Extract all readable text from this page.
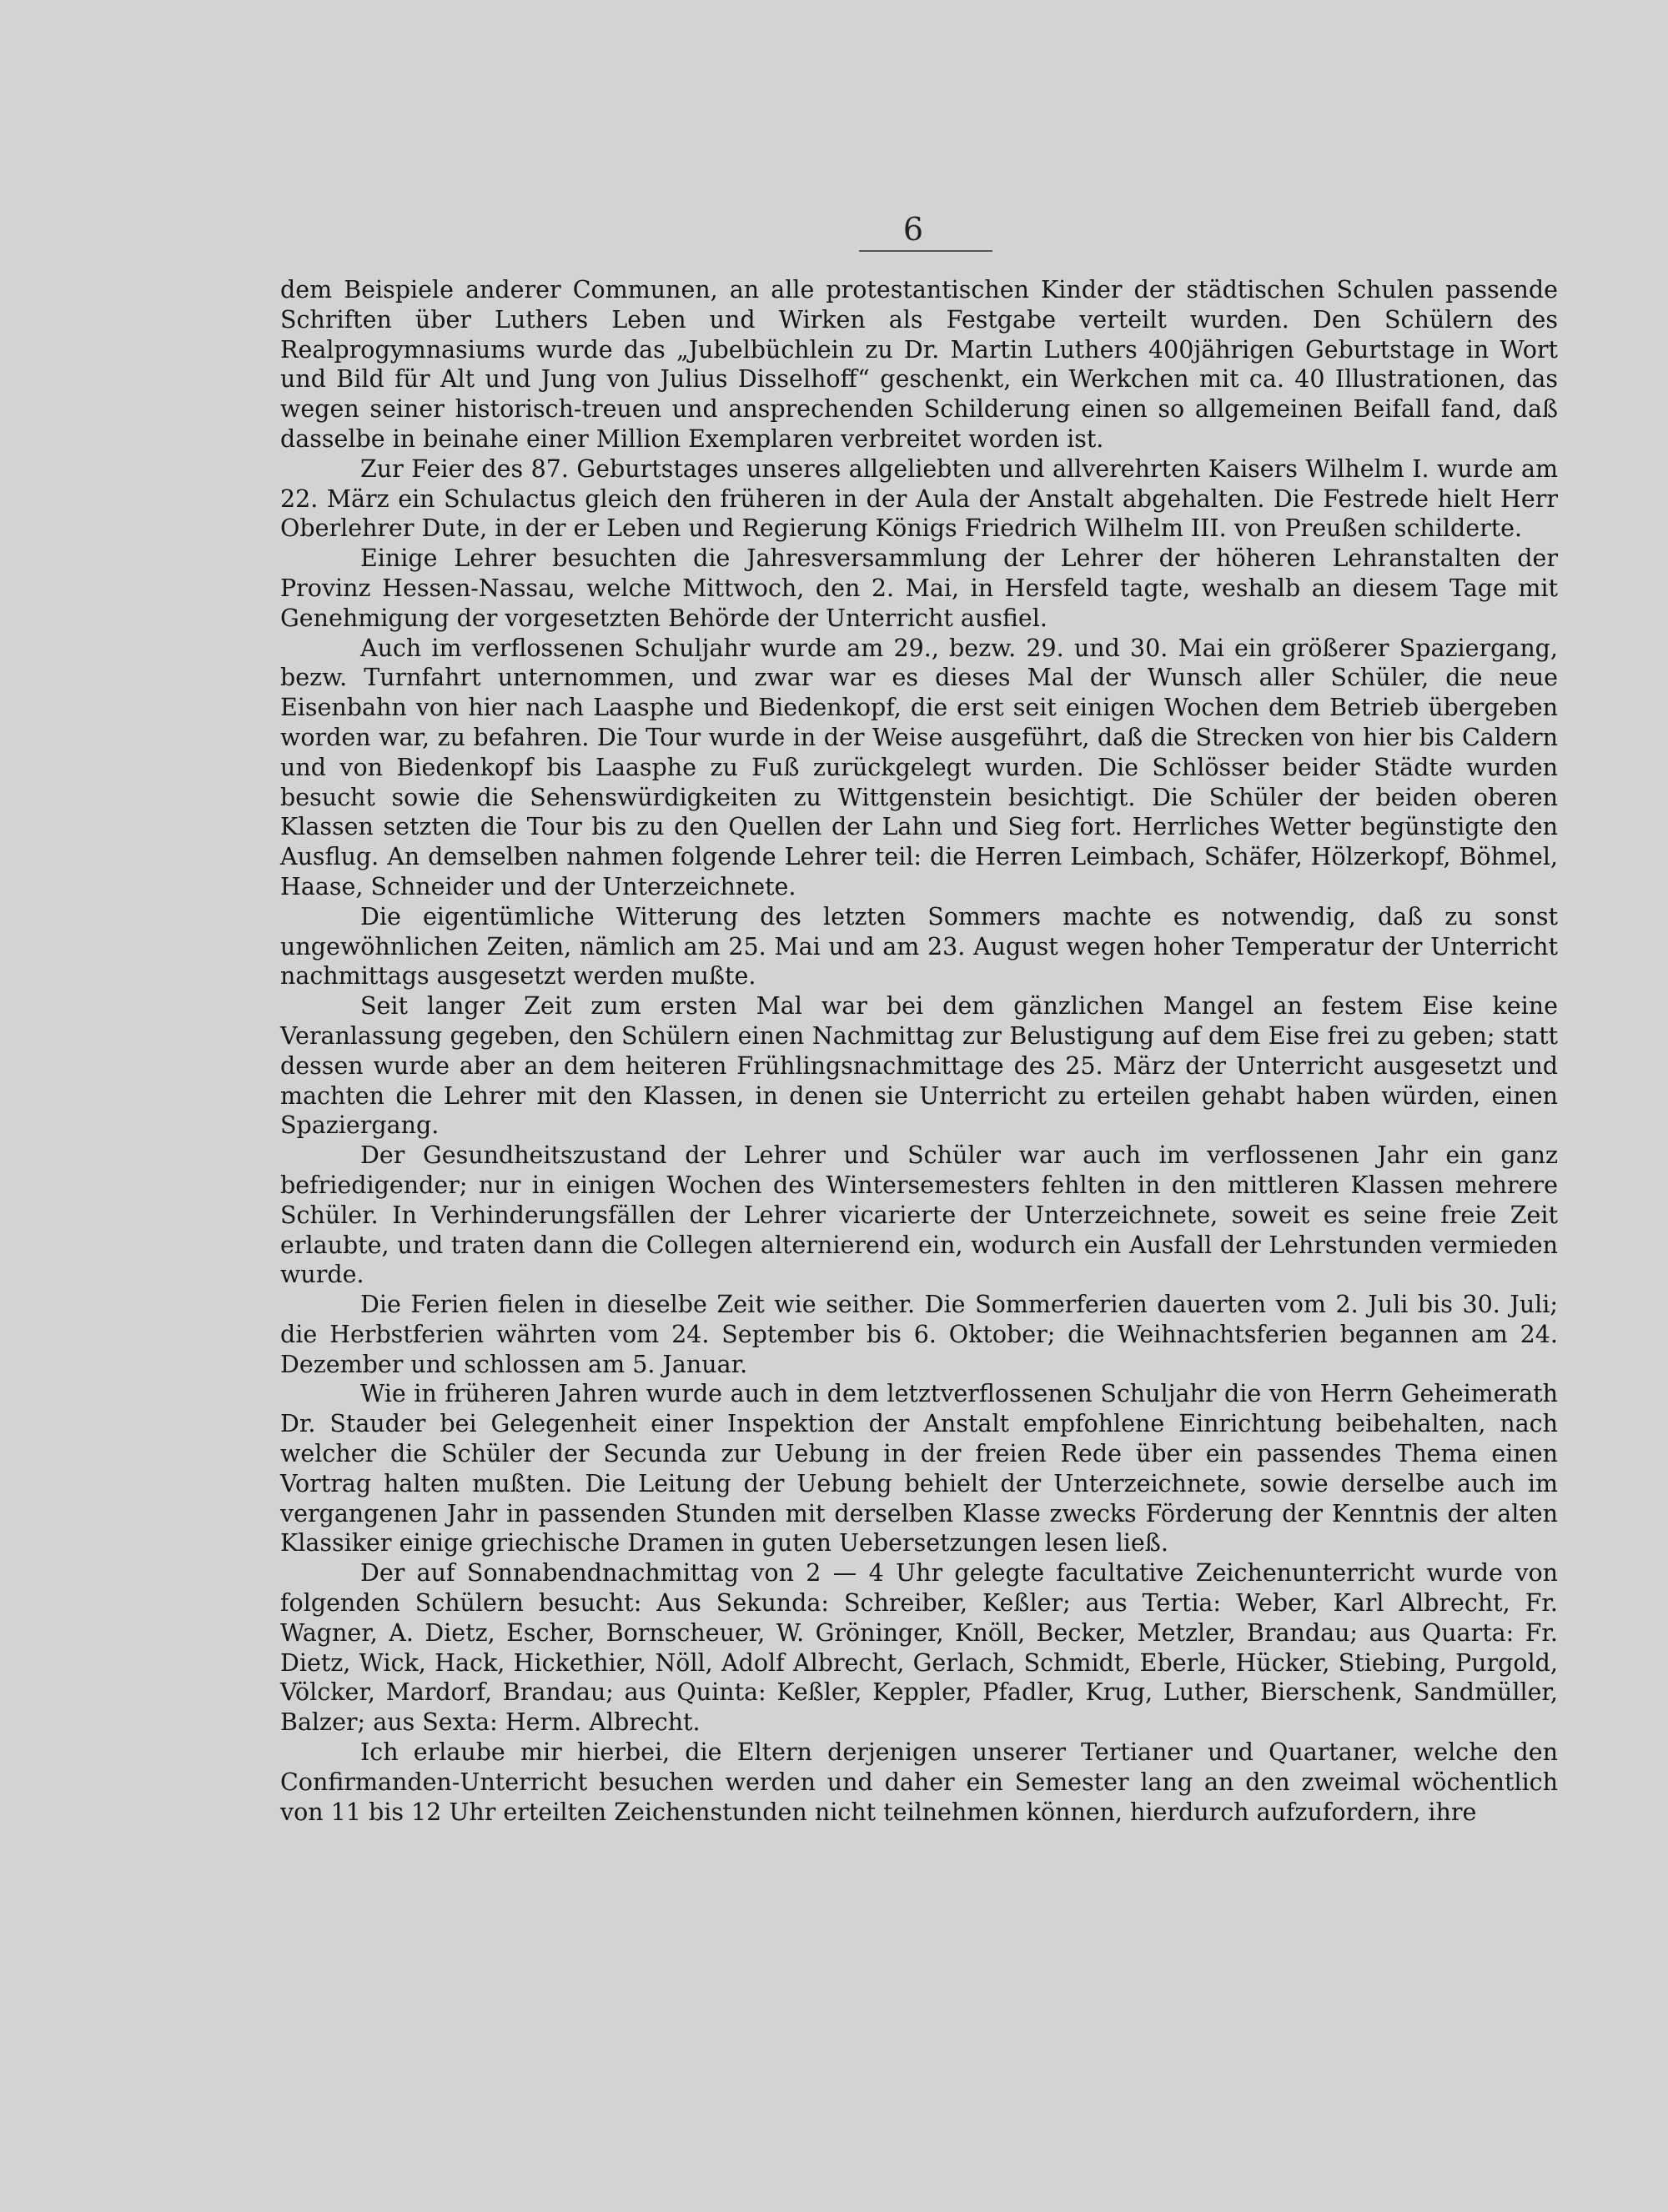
6

dem Beispiele anderer Communen, an alle protestantischen Kinder der städtischen Schulen passende Schriften über Luthers Leben und Wirken als Festgabe verteilt wurden. Den Schülern des Realprogymnasiums wurde das „Jubelbüchlein zu Dr. Martin Luthers 400jährigen Geburtstage in Wort und Bild für Alt und Jung von Julius Disselhoff“ geschenkt, ein Werkchen mit ca. 40 Illustrationen, das wegen seiner historisch-treuen und ansprechenden Schilderung einen so allgemeinen Beifall fand, daß dasselbe in beinahe einer Million Exemplaren verbreitet worden ist.

Zur Feier des 87. Geburtstages unseres allgeliebten und allverehrten Kaisers Wilhelm I. wurde am 22. März ein Schulactus gleich den früheren in der Aula der Anstalt abgehalten. Die Festrede hielt Herr Oberlehrer Dute, in der er Leben und Regierung Königs Friedrich Wilhelm III. von Preußen schilderte.

Einige Lehrer besuchten die Jahresversammlung der Lehrer der höheren Lehranstalten der Provinz Hessen-Nassau, welche Mittwoch, den 2. Mai, in Hersfeld tagte, weshalb an diesem Tage mit Genehmigung der vorgesetzten Behörde der Unterricht ausfiel.

Auch im verflossenen Schuljahr wurde am 29., bezw. 29. und 30. Mai ein größerer Spaziergang, bezw. Turnfahrt unternommen, und zwar war es dieses Mal der Wunsch aller Schüler, die neue Eisenbahn von hier nach Laasphe und Biedenkopf, die erst seit einigen Wochen dem Betrieb übergeben worden war, zu befahren. Die Tour wurde in der Weise ausgeführt, daß die Strecken von hier bis Caldern und von Biedenkopf bis Laasphe zu Fuß zurückgelegt wurden. Die Schlösser beider Städte wurden besucht sowie die Sehenswürdigkeiten zu Wittgenstein besichtigt. Die Schüler der beiden oberen Klassen setzten die Tour bis zu den Quellen der Lahn und Sieg fort. Herrliches Wetter begünstigte den Ausflug. An demselben nahmen folgende Lehrer teil: die Herren Leimbach, Schäfer, Hölzerkopf, Böhmel, Haase, Schneider und der Unterzeichnete.

Die eigentümliche Witterung des letzten Sommers machte es notwendig, daß zu sonst ungewöhnlichen Zeiten, nämlich am 25. Mai und am 23. August wegen hoher Temperatur der Unterricht nachmittags ausgesetzt werden mußte.

Seit langer Zeit zum ersten Mal war bei dem gänzlichen Mangel an festem Eise keine Veranlassung gegeben, den Schülern einen Nachmittag zur Belustigung auf dem Eise frei zu geben; statt dessen wurde aber an dem heiteren Frühlingsnachmittage des 25. März der Unterricht ausgesetzt und machten die Lehrer mit den Klassen, in denen sie Unterricht zu erteilen gehabt haben würden, einen Spaziergang.

Der Gesundheitszustand der Lehrer und Schüler war auch im verflossenen Jahr ein ganz befriedigender; nur in einigen Wochen des Wintersemesters fehlten in den mittleren Klassen mehrere Schüler. In Verhinderungsfällen der Lehrer vicarierte der Unterzeichnete, soweit es seine freie Zeit erlaubte, und traten dann die Collegen alternierend ein, wodurch ein Ausfall der Lehrstunden vermieden wurde.

Die Ferien fielen in dieselbe Zeit wie seither. Die Sommerferien dauerten vom 2. Juli bis 30. Juli; die Herbstferien währten vom 24. September bis 6. Oktober; die Weihnachtsferien begannen am 24. Dezember und schlossen am 5. Januar.

Wie in früheren Jahren wurde auch in dem letztverflossenen Schuljahr die von Herrn Geheimerath Dr. Stauder bei Gelegenheit einer Inspektion der Anstalt empfohlene Einrichtung beibehalten, nach welcher die Schüler der Secunda zur Uebung in der freien Rede über ein passendes Thema einen Vortrag halten mußten. Die Leitung der Uebung behielt der Unterzeichnete, sowie derselbe auch im vergangenen Jahr in passenden Stunden mit derselben Klasse zwecks Förderung der Kenntnis der alten Klassiker einige griechische Dramen in guten Uebersetzungen lesen ließ.

Der auf Sonnabendnachmittag von 2 — 4 Uhr gelegte facultative Zeichenunterricht wurde von folgenden Schülern besucht: Aus Sekunda: Schreiber, Keßler; aus Tertia: Weber, Karl Albrecht, Fr. Wagner, A. Dietz, Escher, Bornscheuer, W. Gröninger, Knöll, Becker, Metzler, Brandau; aus Quarta: Fr. Dietz, Wick, Hack, Hickethier, Nöll, Adolf Albrecht, Gerlach, Schmidt, Eberle, Hücker, Stiebing, Purgold, Völcker, Mardorf, Brandau; aus Quinta: Keßler, Keppler, Pfadler, Krug, Luther, Bierschenk, Sandmüller, Balzer; aus Sexta: Herm. Albrecht.

Ich erlaube mir hierbei, die Eltern derjenigen unserer Tertianer und Quartaner, welche den Confirmanden-Unterricht besuchen werden und daher ein Semester lang an den zweimal wöchentlich von 11 bis 12 Uhr erteilten Zeichenstunden nicht teilnehmen können, hierdurch aufzufordern, ihre
